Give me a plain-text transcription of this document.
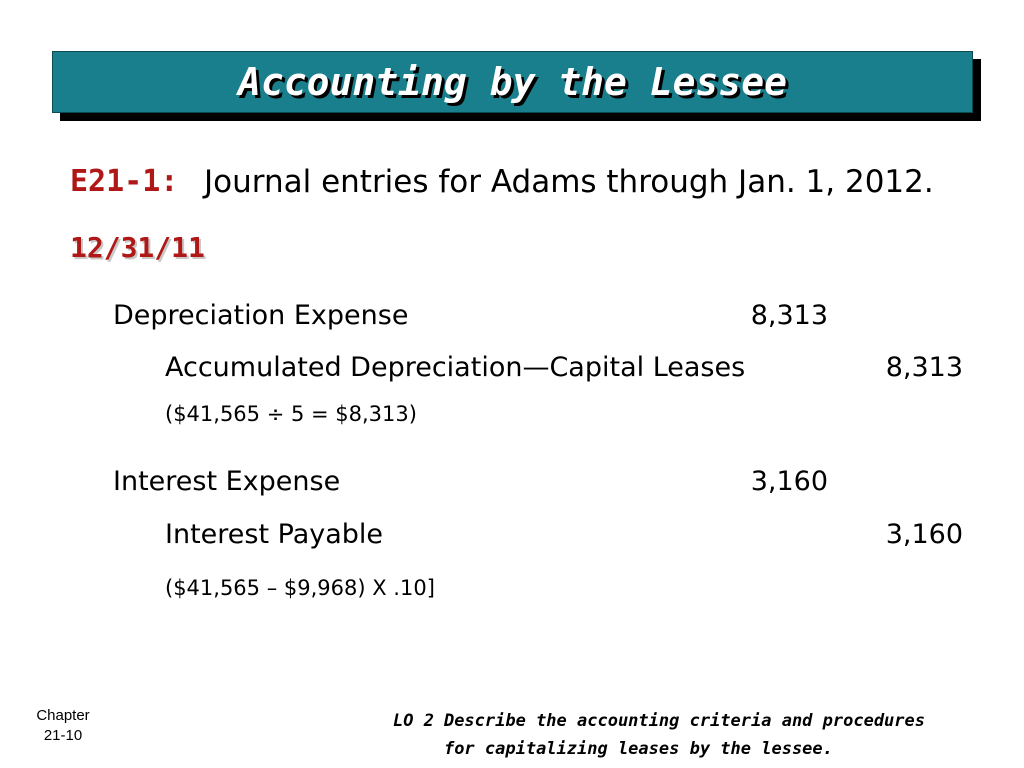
Accounting by the Lessee
E21-1: Journal entries for Adams through Jan. 1, 2012.
12/31/11
Depreciation Expense	8,313
Accumulated Depreciation—Capital Leases	8,313
($41,565 ÷ 5 = $8,313)
Interest Expense	3,160
Interest Payable	3,160
($41,565 – $9,968) X .10]
Chapter
21-10
LO 2 Describe the accounting criteria and procedures
for capitalizing leases by the lessee.
